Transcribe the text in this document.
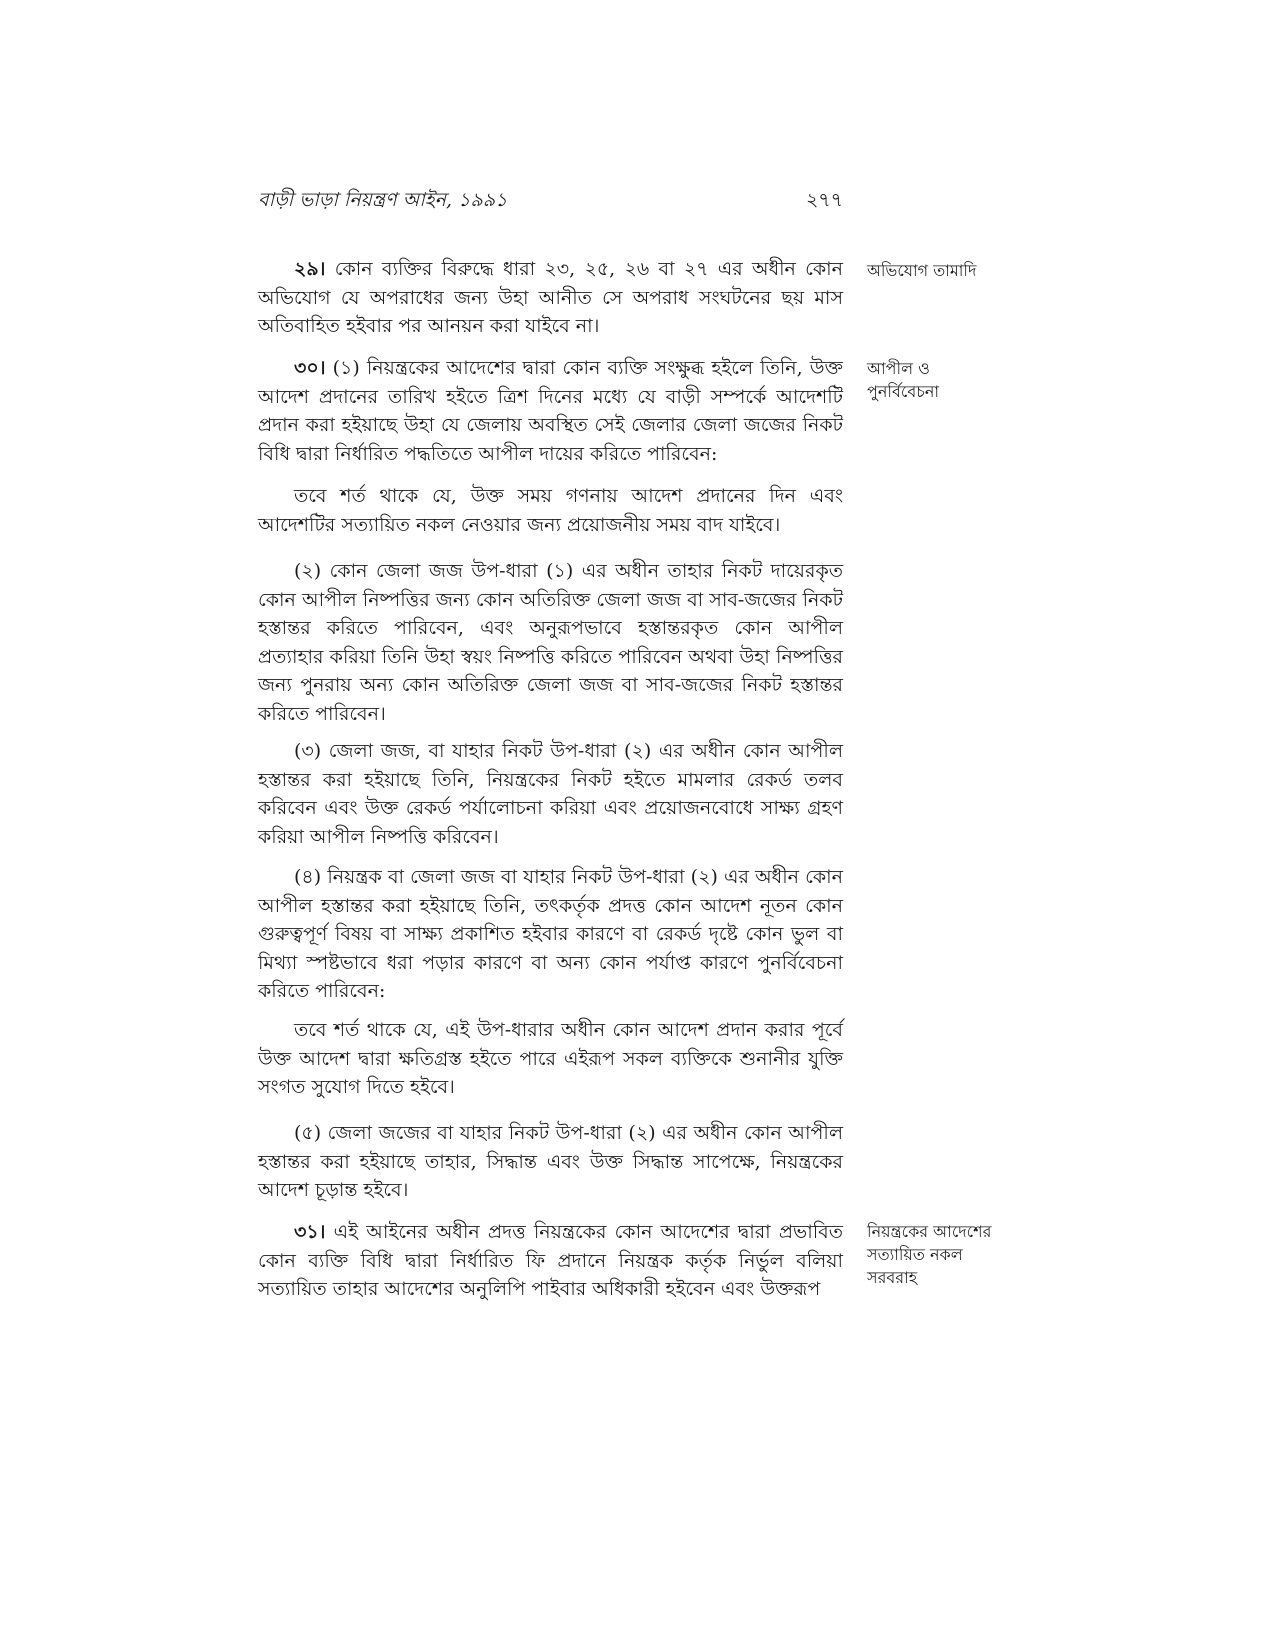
বাড়ী ভাড়া নিয়ন্ত্রণ আইন, ১৯৯১	২৭৭

২৯। কোন ব্যক্তির বিরুদ্ধে ধারা ২৩, ২৫, ২৬ বা ২৭ এর অধীন কোন অভিযোগ যে অপরাধের জন্য উহা আনীত সে অপরাধ সংঘটনের ছয় মাস অতিবাহিত হইবার পর আনয়ন করা যাইবে না।

অভিযোগ তামাদি

৩০। (১) নিয়ন্ত্রকের আদেশের দ্বারা কোন ব্যক্তি সংক্ষুব্ধ হইলে তিনি, উক্ত আদেশ প্রদানের তারিখ হইতে ত্রিশ দিনের মধ্যে যে বাড়ী সম্পর্কে আদেশটি প্রদান করা হইয়াছে উহা যে জেলায় অবস্থিত সেই জেলার জেলা জজের নিকট বিধি দ্বারা নির্ধারিত পদ্ধতিতে আপীল দায়ের করিতে পারিবেন:

আপীল ও
পুনর্বিবেচনা

তবে শর্ত থাকে যে, উক্ত সময় গণনায় আদেশ প্রদানের দিন এবং আদেশটির সত্যায়িত নকল নেওয়ার জন্য প্রয়োজনীয় সময় বাদ যাইবে।

(২) কোন জেলা জজ উপ-ধারা (১) এর অধীন তাহার নিকট দায়েরকৃত কোন আপীল নিষ্পত্তির জন্য কোন অতিরিক্ত জেলা জজ বা সাব-জজের নিকট হস্তান্তর করিতে পারিবেন, এবং অনুরূপভাবে হস্তান্তরকৃত কোন আপীল প্রত্যাহার করিয়া তিনি উহা স্বয়ং নিষ্পত্তি করিতে পারিবেন অথবা উহা নিষ্পত্তির জন্য পুনরায় অন্য কোন অতিরিক্ত জেলা জজ বা সাব-জজের নিকট হস্তান্তর করিতে পারিবেন।

(৩) জেলা জজ, বা যাহার নিকট উপ-ধারা (২) এর অধীন কোন আপীল হস্তান্তর করা হইয়াছে তিনি, নিয়ন্ত্রকের নিকট হইতে মামলার রেকর্ড তলব করিবেন এবং উক্ত রেকর্ড পর্যালোচনা করিয়া এবং প্রয়োজনবোধে সাক্ষ্য গ্রহণ করিয়া আপীল নিষ্পত্তি করিবেন।

(৪) নিয়ন্ত্রক বা জেলা জজ বা যাহার নিকট উপ-ধারা (২) এর অধীন কোন আপীল হস্তান্তর করা হইয়াছে তিনি, তৎকর্তৃক প্রদত্ত কোন আদেশ নূতন কোন গুরুত্বপূর্ণ বিষয় বা সাক্ষ্য প্রকাশিত হইবার কারণে বা রেকর্ড দৃষ্টে কোন ভুল বা মিথ্যা স্পষ্টভাবে ধরা পড়ার কারণে বা অন্য কোন পর্যাপ্ত কারণে পুনর্বিবেচনা করিতে পারিবেন:

তবে শর্ত থাকে যে, এই উপ-ধারার অধীন কোন আদেশ প্রদান করার পূর্বে উক্ত আদেশ দ্বারা ক্ষতিগ্রস্ত হইতে পারে এইরূপ সকল ব্যক্তিকে শুনানীর যুক্তি সংগত সুযোগ দিতে হইবে।

(৫) জেলা জজের বা যাহার নিকট উপ-ধারা (২) এর অধীন কোন আপীল হস্তান্তর করা হইয়াছে তাহার, সিদ্ধান্ত এবং উক্ত সিদ্ধান্ত সাপেক্ষে, নিয়ন্ত্রকের আদেশ চূড়ান্ত হইবে।

৩১। এই আইনের অধীন প্রদত্ত নিয়ন্ত্রকের কোন আদেশের দ্বারা প্রভাবিত কোন ব্যক্তি বিধি দ্বারা নির্ধারিত ফি প্রদানে নিয়ন্ত্রক কর্তৃক নির্ভুল বলিয়া সত্যায়িত তাহার আদেশের অনুলিপি পাইবার অধিকারী হইবেন এবং উক্তরূপ

নিয়ন্ত্রকের আদেশের
সত্যায়িত নকল
সরবরাহ
